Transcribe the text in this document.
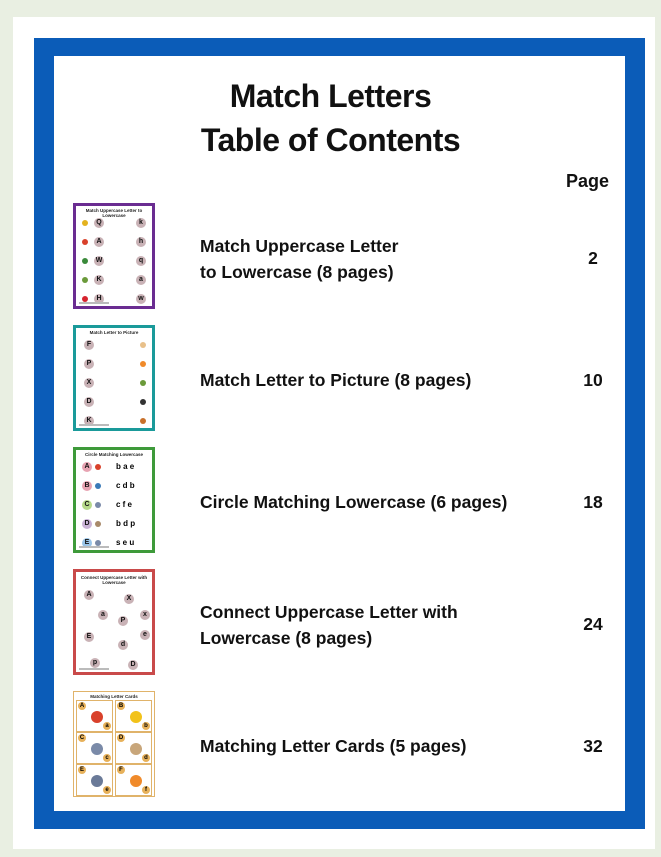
Match Letters
Table of Contents
Page
Match Uppercase Letter to Lowercase
Q	k
A	h
W	q
K	a
H	w
Match Uppercase Letter
to Lowercase (8 pages)
2
Match Letter to Picture
F
P
X
D
K
Match Letter to Picture (8 pages)	10
Circle Matching Lowercase
A	b a e
B	c d b
C	c f e
D	b d p
E	s e u
Circle Matching Lowercase (6 pages)	18
Connect Uppercase Letter with Lowercase
A
X
a
P
x
E
d
e
p	D
Connect Uppercase Letter with
Lowercase (8 pages)
24
Matching Letter Cards
A
a
B
b
C
c
D
d
E
e
F
f
Matching Letter Cards (5 pages)	32
